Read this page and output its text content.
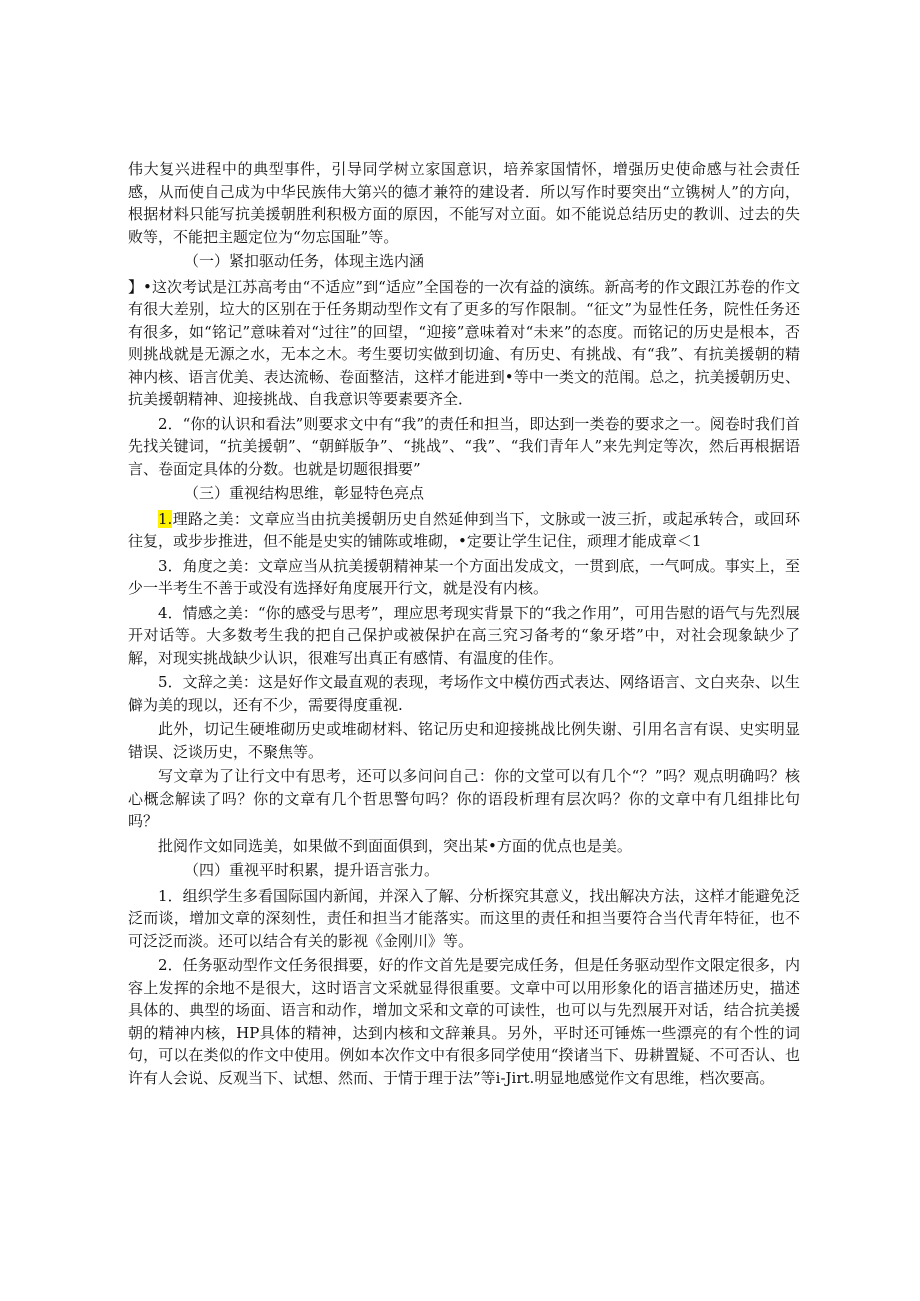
伟大复兴进程中的典型事件，引导同学树立家国意识，培养家国情怀，增强历史使命感与社会责任感，从而使自己成为中华民族伟大第兴的德才兼符的建设者．所以写作时要突出“立镌树人”的方向，根据材料只能写抗美援朝胜利积极方面的原因，不能写对立面。如不能说总结历史的教训、过去的失败等，不能把主题定位为“勿忘国耻”等。

（一）紧扣驱动任务，体现主选内涵

】•这次考试是江苏高考由“不适应”到“适应”全国卷的一次有益的演练。新高考的作文跟江苏卷的作文有很大差别，垃大的区别在于任务期动型作文有了更多的写作限制。“征文”为显性任务，院性任务还有很多，如“铭记”意味着对“过往”的回望，“迎接”意味着对“未来”的态度。而铭记的历史是根本，否则挑战就是无源之水，无本之木。考生要切实做到切逾、有历史、有挑战、有“我”、有抗美援朝的精神内核、语言优美、表达流畅、卷面整洁，这样才能进到•等中一类文的范闱。总之，抗美援朝历史、抗美援朝精神、迎接挑战、自我意识等要素要齐全．

2．“你的认识和看法”则要求文中有“我”的责任和担当，即达到一类卷的要求之一。阅卷时我们首先找关键词，“抗美援朝”、“朝鲜版争”、“挑战”、“我”、“我们青年人”来先判定等次，然后再根据语言、卷面定具体的分数。也就是切题很揖要”

（三）重视结构思维，彰显特色亮点

1.理路之美：文章应当由抗美援朝历史自然延伸到当下，文脉或一波三折，或起承转合，或回环往复，或步步推进，但不能是史实的铺陈或堆砌，•定要让学生记住，顽理才能成章＜1

3．角度之美：文章应当从抗美援朝精神某一个方面出发成文，一贯到底，一气呵成。事实上，至少一半考生不善于或没有选择好角度展开行文，就是没有内核。

4．情感之美：“你的感受与思考”，理应思考现实背景下的“我之作用”，可用告慰的语气与先烈展开对话等。大多数考生我的把自己保护或被保护在高三究习备考的“象牙塔”中，对社会现象缺少了解，对现实挑战缺少认识，很难写出真正有感情、有温度的佳作。

5．文辞之美：这是好作文最直观的表现，考场作文中模仿西式表达、网络语言、文白夹杂、以生僻为美的现以，还有不少，需要得度重视.

此外，切记生硬堆砌历史或堆砌材料、铭记历史和迎接挑战比例失谢、引用名言有误、史实明显错误、泛谈历史，不聚焦等。

写文章为了让行文中有思考，还可以多问问自己：你的文堂可以有几个“？”吗？观点明确吗？核心概念解读了吗？你的文章有几个哲思警句吗？你的语段析理有层次吗？你的文章中有几组排比句吗？

批阅作文如同选美，如果做不到面面俱到，突出某•方面的优点也是美。

（四）重视平时积累，提升语言张力。

1．组织学生多看国际国内新闻，并深入了解、分析探究其意义，找出解决方法，这样才能避免泛泛而谈，增加文章的深刻性，责任和担当才能落实。而这里的责任和担当要符合当代青年特征，也不可泛泛而淡。还可以结合有关的影视《金刚川》等。

2．任务驱动型作文任务很揖要，好的作文首先是要完成任务，但是任务驱动型作文限定很多，内容上发挥的余地不是很大，这时语言文采就显得很重要。文章中可以用形象化的语言描述历史，描述具体的、典型的场面、语言和动作，增加文采和文章的可读性，也可以与先烈展开对话，结合抗美援朝的精神内核，HP具体的精神，达到内核和文辞兼具。另外，平时还可锤炼一些漂亮的有个性的词句，可以在类似的作文中使用。例如本次作文中有很多同学使用“揆诸当下、毋耕置疑、不可否认、也许有人会说、反观当下、试想、然而、于情于理于法”等i-Jirt.明显地感觉作文有思维，档次要高。
